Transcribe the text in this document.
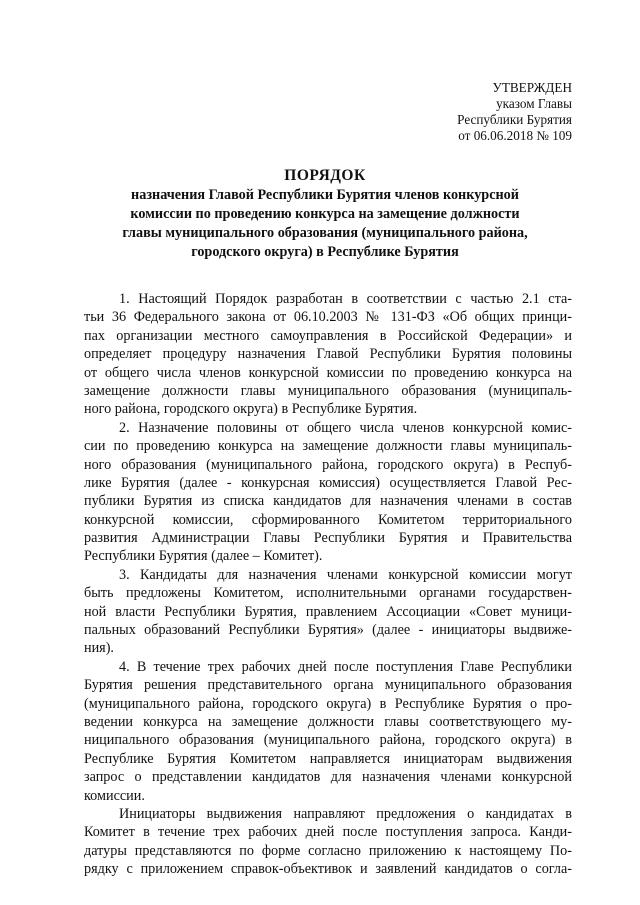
УТВЕРЖДЕН
указом Главы
Республики Бурятия
от 06.06.2018 № 109
ПОРЯДОК
назначения Главой Республики Бурятия членов конкурсной
комиссии по проведению конкурса на замещение должности
главы муниципального образования (муниципального района,
городского округа) в Республике Бурятия
1. Настоящий Порядок разработан в соответствии с частью 2.1 ста-
тьи 36 Федерального закона от 06.10.2003 № 131-ФЗ «Об общих принци-
пах организации местного самоуправления в Российской Федерации» и
определяет процедуру назначения Главой Республики Бурятия половины
от общего числа членов конкурсной комиссии по проведению конкурса на
замещение должности главы муниципального образования (муниципаль-
ного района, городского округа) в Республике Бурятия.
2. Назначение половины от общего числа членов конкурсной комис-
сии по проведению конкурса на замещение должности главы муниципаль-
ного образования (муниципального района, городского округа) в Респуб-
лике Бурятия (далее - конкурсная комиссия) осуществляется Главой Рес-
публики Бурятия из списка кандидатов для назначения членами в состав
конкурсной комиссии, сформированного Комитетом территориального
развития Администрации Главы Республики Бурятия и Правительства
Республики Бурятия (далее – Комитет).
3. Кандидаты для назначения членами конкурсной комиссии могут
быть предложены Комитетом, исполнительными органами государствен-
ной власти Республики Бурятия, правлением Ассоциации «Совет муници-
пальных образований Республики Бурятия» (далее - инициаторы выдвиже-
ния).
4. В течение трех рабочих дней после поступления Главе Республики
Бурятия решения представительного органа муниципального образования
(муниципального района, городского округа) в Республике Бурятия о про-
ведении конкурса на замещение должности главы соответствующего му-
ниципального образования (муниципального района, городского округа) в
Республике Бурятия Комитетом направляется инициаторам выдвижения
запрос о представлении кандидатов для назначения членами конкурсной
комиссии.
Инициаторы выдвижения направляют предложения о кандидатах в
Комитет в течение трех рабочих дней после поступления запроса. Канди-
датуры представляются по форме согласно приложению к настоящему По-
рядку с приложением справок-объективок и заявлений кандидатов о согла-
